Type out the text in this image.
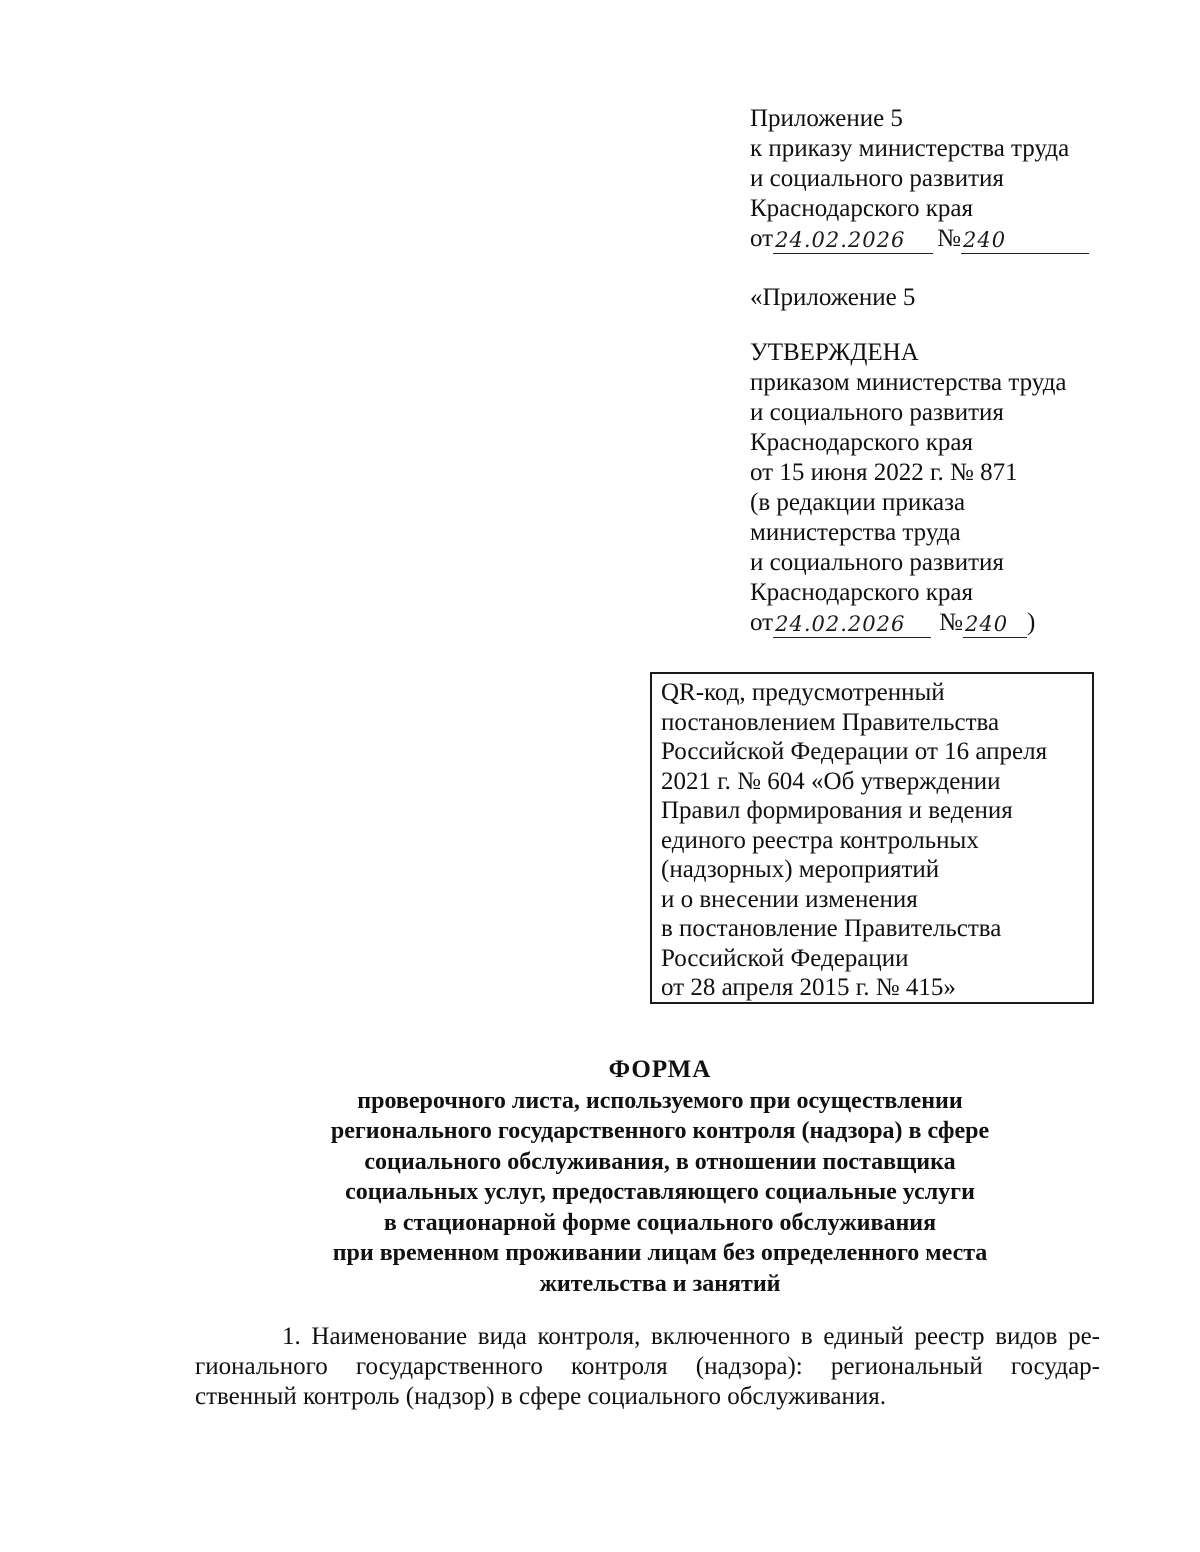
Приложение 5
к приказу министерства труда
и социального развития
Краснодарского края
от 24.02.2026	№ 240
«Приложение 5
УТВЕРЖДЕНА
приказом министерства труда
и социального развития
Краснодарского края
от 15 июня 2022 г. № 871
(в редакции приказа
министерства труда
и социального развития
Краснодарского края
от 24.02.2026	№ 240 )
QR-код, предусмотренный
постановлением Правительства
Российской Федерации от 16 апреля
2021 г. № 604 «Об утверждении
Правил формирования и ведения
единого реестра контрольных
(надзорных) мероприятий
и о внесении изменения
в постановление Правительства
Российской Федерации
от 28 апреля 2015 г. № 415»
ФОРМА
проверочного листа, используемого при осуществлении
регионального государственного контроля (надзора) в сфере
социального обслуживания, в отношении поставщика
социальных услуг, предоставляющего социальные услуги
в стационарной форме социального обслуживания
при временном проживании лицам без определенного места
жительства и занятий
1. Наименование вида контроля, включенного в единый реестр видов ре-
гионального государственного контроля (надзора): региональный государ-
ственный контроль (надзор) в сфере социального обслуживания.
